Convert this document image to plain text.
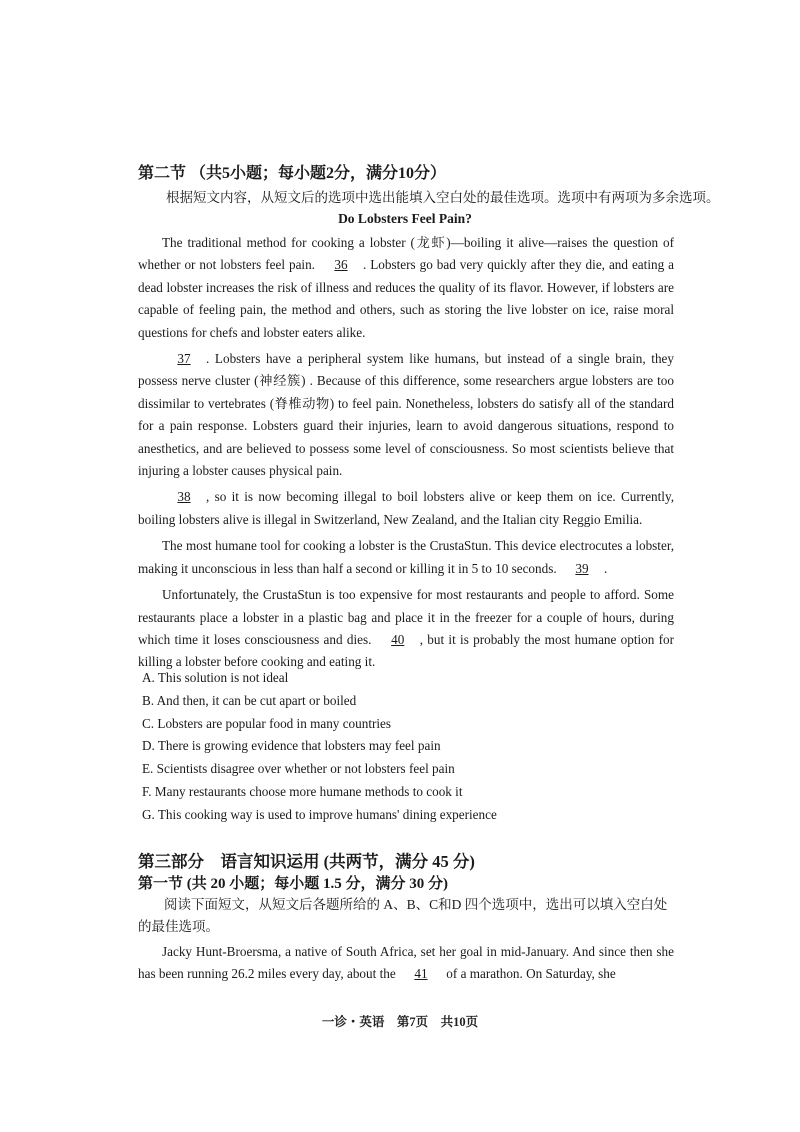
第二节 （共5小题；每小题2分，满分10分）
根据短文内容，从短文后的选项中选出能填入空白处的最佳选项。选项中有两项为多余选项。
Do Lobsters Feel Pain?

The traditional method for cooking a lobster (龙虾)—boiling it alive—raises the question of whether or not lobsters feel pain. 36 . Lobsters go bad very quickly after they die, and eating a dead lobster increases the risk of illness and reduces the quality of its flavor. However, if lobsters are capable of feeling pain, the method and others, such as storing the live lobster on ice, raise moral questions for chefs and lobster eaters alike.

37 . Lobsters have a peripheral system like humans, but instead of a single brain, they possess nerve cluster (神经簇) . Because of this difference, some researchers argue lobsters are too dissimilar to vertebrates (脊椎动物) to feel pain. Nonetheless, lobsters do satisfy all of the standard for a pain response. Lobsters guard their injuries, learn to avoid dangerous situations, respond to anesthetics, and are believed to possess some level of consciousness. So most scientists believe that injuring a lobster causes physical pain.

38 , so it is now becoming illegal to boil lobsters alive or keep them on ice. Currently, boiling lobsters alive is illegal in Switzerland, New Zealand, and the Italian city Reggio Emilia.

The most humane tool for cooking a lobster is the CrustaStun. This device electrocutes a lobster, making it unconscious in less than half a second or killing it in 5 to 10 seconds. 39 .

Unfortunately, the CrustaStun is too expensive for most restaurants and people to afford. Some restaurants place a lobster in a plastic bag and place it in the freezer for a couple of hours, during which time it loses consciousness and dies. 40 , but it is probably the most humane option for killing a lobster before cooking and eating it.

A. This solution is not ideal
B. And then, it can be cut apart or boiled
C. Lobsters are popular food in many countries
D. There is growing evidence that lobsters may feel pain
E. Scientists disagree over whether or not lobsters feel pain
F. Many restaurants choose more humane methods to cook it
G. This cooking way is used to improve humans' dining experience
第三部分　语言知识运用 (共两节，满分 45 分)
第一节 (共 20 小题；每小题 1.5 分，满分 30 分)
阅读下面短文，从短文后各题所给的 A、B、C和D 四个选项中，选出可以填入空白处的最佳选项。

Jacky Hunt-Broersma, a native of South Africa, set her goal in mid-January. And since then she has been running 26.2 miles every day, about the 41 of a marathon. On Saturday, she

一诊・英语　第7页　共10页
